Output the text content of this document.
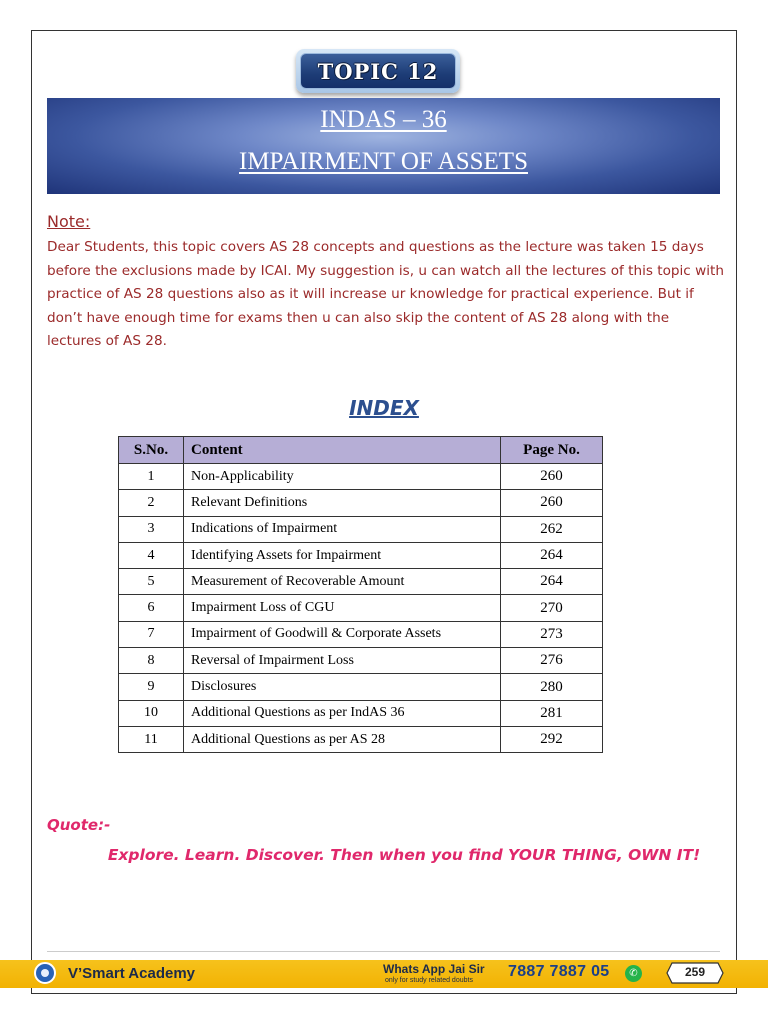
TOPIC 12
INDAS – 36
IMPAIRMENT OF ASSETS
Note:
Dear Students, this topic covers AS 28 concepts and questions as the lecture was taken 15 days before the exclusions made by ICAI. My suggestion is, u can watch all the lectures of this topic with practice of AS 28 questions also as it will increase ur knowledge for practical experience. But if don’t have enough time for exams then u can also skip the content of AS 28 along with the lectures of AS 28.
INDEX
S.No.	Content	Page No.
1	Non-Applicability	260
2	Relevant Definitions	260
3	Indications of Impairment	262
4	Identifying Assets for Impairment	264
5	Measurement of Recoverable Amount	264
6	Impairment Loss of CGU	270
7	Impairment of Goodwill & Corporate Assets	273
8	Reversal of Impairment Loss	276
9	Disclosures	280
10	Additional Questions as per IndAS 36	281
11	Additional Questions as per AS 28	292
Quote:-
Explore. Learn. Discover. Then when you find YOUR THING, OWN IT!
V’Smart Academy	Whats App Jai Sir
only for study related doubts
7887 7887 05	✆	259
